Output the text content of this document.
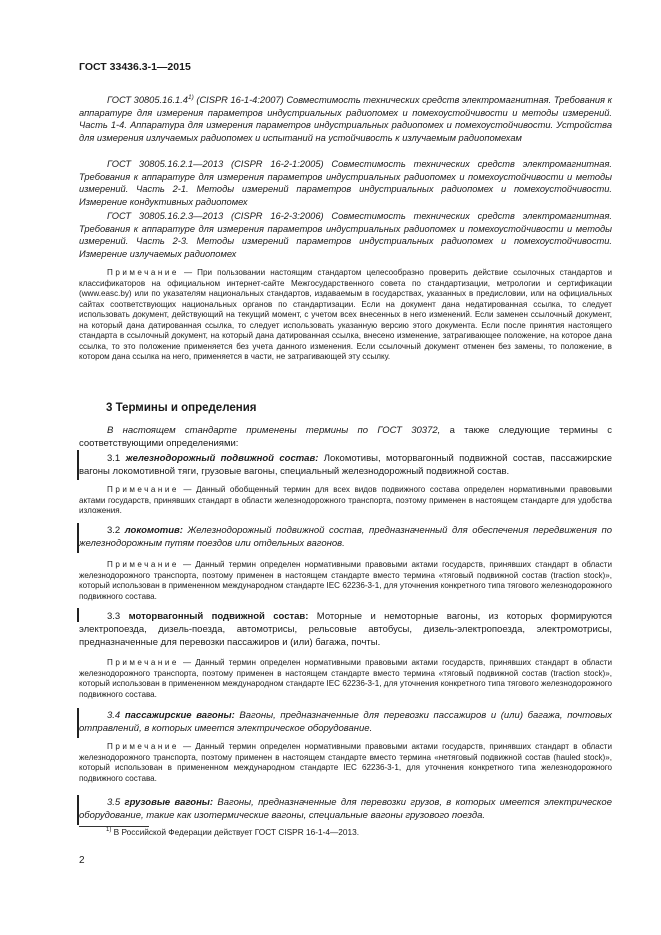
ГОСТ 33436.3-1—2015
ГОСТ 30805.16.1.4$^{1)}$ (CISPR 16-1-4:2007) Совместимость технических средств электромагнитная. Требования к аппаратуре для измерения параметров индустриальных радиопомех и помехоустойчивости и методы измерений. Часть 1-4. Аппаратура для измерения параметров индустриальных радиопомех и помехоустойчивости. Устройства для измерения излучаемых радиопомех и испытаний на устойчивость к излучаемым радиопомехам
ГОСТ 30805.16.2.1—2013 (CISPR 16-2-1:2005) Совместимость технических средств электромагнитная. Требования к аппаратуре для измерения параметров индустриальных радиопомех и помехоустойчивости и методы измерений. Часть 2-1. Методы измерений параметров индустриальных радиопомех и помехоустойчивости. Измерение кондуктивных радиопомех
ГОСТ 30805.16.2.3—2013 (CISPR 16-2-3:2006) Совместимость технических средств электромагнитная. Требования к аппаратуре для измерения параметров индустриальных радиопомех и помехоустойчивости и методы измерений. Часть 2-3. Методы измерений параметров индустриальных радиопомех и помехоустойчивости. Измерение излучаемых радиопомех
Примечание — При пользовании настоящим стандартом целесообразно проверить действие ссылочных стандартов и классификаторов на официальном интернет-сайте Межгосударственного совета по стандартизации, метрологии и сертификации (www.easc.by) или по указателям национальных стандартов, издаваемым в государствах, указанных в предисловии, или на официальных сайтах соответствующих национальных органов по стандартизации. Если на документ дана недатированная ссылка, то следует использовать документ, действующий на текущий момент, с учетом всех внесенных в него изменений. Если заменен ссылочный документ, на который дана датированная ссылка, то следует использовать указанную версию этого документа. Если после принятия настоящего стандарта в ссылочный документ, на который дана датированная ссылка, внесено изменение, затрагивающее положение, на которое дана ссылка, то это положение применяется без учета данного изменения. Если ссылочный документ отменен без замены, то положение, в котором дана ссылка на него, применяется в части, не затрагивающей эту ссылку.
3 Термины и определения
В настоящем стандарте применены термины по ГОСТ 30372, а также следующие термины с соответствующими определениями:
3.1 железнодорожный подвижной состав: Локомотивы, моторвагонный подвижной состав, пассажирские вагоны локомотивной тяги, грузовые вагоны, специальный железнодорожный подвижной состав.
Примечание — Данный обобщенный термин для всех видов подвижного состава определен нормативными правовыми актами государств, принявших стандарт в области железнодорожного транспорта, поэтому применен в настоящем стандарте для удобства изложения.
3.2 локомотив: Железнодорожный подвижной состав, предназначенный для обеспечения передвижения по железнодорожным путям поездов или отдельных вагонов.
Примечание — Данный термин определен нормативными правовыми актами государств, принявших стандарт в области железнодорожного транспорта, поэтому применен в настоящем стандарте вместо термина «тяговый подвижной состав (traction stock)», который использован в примененном международном стандарте IEC 62236-3-1, для уточнения конкретного типа тягового железнодорожного подвижного состава.
3.3 моторвагонный подвижной состав: Моторные и немоторные вагоны, из которых формируются электропоезда, дизель-поезда, автомотрисы, рельсовые автобусы, дизель-электропоезда, электромотрисы, предназначенные для перевозки пассажиров и (или) багажа, почты.
Примечание — Данный термин определен нормативными правовыми актами государств, принявших стандарт в области железнодорожного транспорта, поэтому применен в настоящем стандарте вместо термина «тяговый подвижной состав (traction stock)», который использован в примененном международном стандарте IEC 62236-3-1, для уточнения конкретного типа тягового железнодорожного подвижного состава.
3.4 пассажирские вагоны: Вагоны, предназначенные для перевозки пассажиров и (или) багажа, почтовых отправлений, в которых имеется электрическое оборудование.
Примечание — Данный термин определен нормативными правовыми актами государств, принявших стандарт в области железнодорожного транспорта, поэтому применен в настоящем стандарте вместо термина «нетяговый подвижной состав (hauled stock)», который использован в примененном международном стандарте IEC 62236-3-1, для уточнения конкретного типа железнодорожного подвижного состава.
3.5 грузовые вагоны: Вагоны, предназначенные для перевозки грузов, в которых имеется электрическое оборудование, такие как изотермические вагоны, специальные вагоны грузового поезда.
$^{1)}$ В Российской Федерации действует ГОСТ CISPR 16-1-4—2013.
2
